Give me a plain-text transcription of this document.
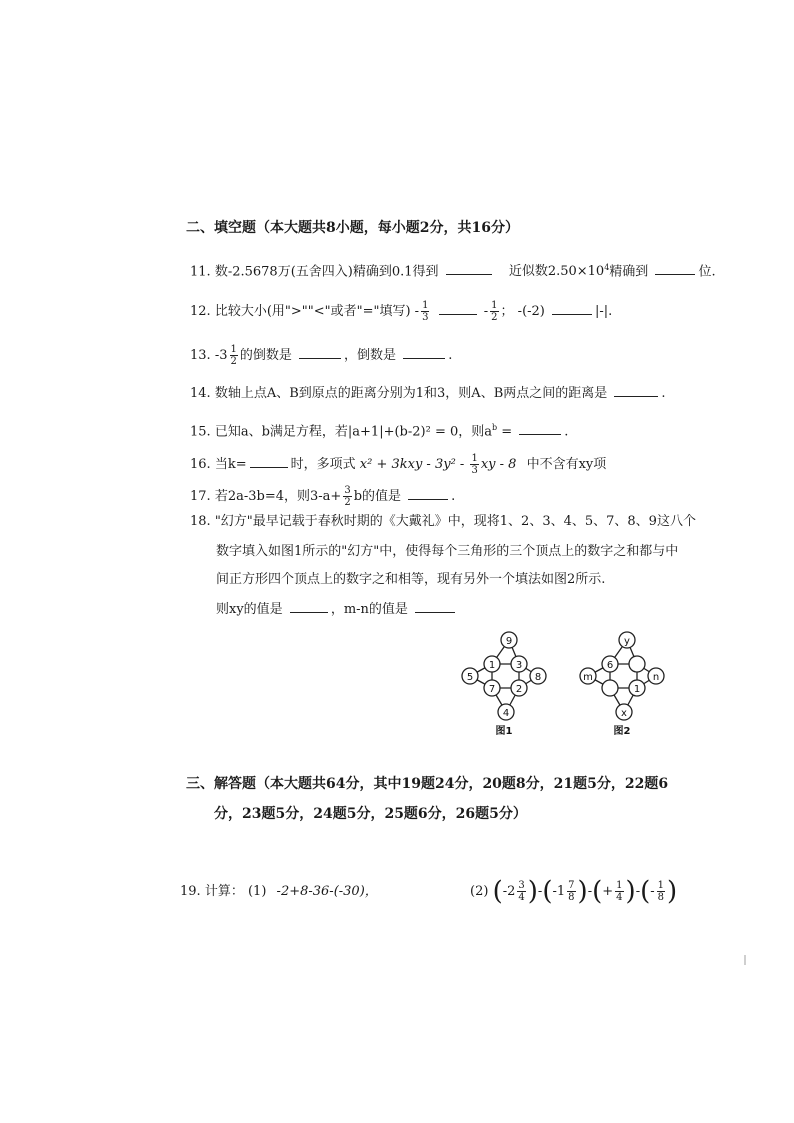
二、填空题（本大题共8小题，每小题2分，共16分）
11. 数-2.5678万(五舍四入)精确到0.1得到	近似数$2.50\times 10^4$精确到	位.
12. 比较大小(用">""<"或者"="填写) - $\frac{1}{3}$	- $\frac{1}{2}$ ； -(-2)	|-|.
13. $-3 \frac{1}{2}$ 的倒数是	，倒数是	.
14. 数轴上点A、B到原点的距离分别为1和3，则A、B两点之间的距离是	.
15. 已知a、b满足方程，若|a+1|+(b-2)² = 0，则$a^b$ =	.
16. 当k=	时，多项式 $x^2 + 3kxy - 3y^2 - \frac{1}{3}$ xy - 8 中不含有xy项
17. 若2a-3b=4，则$3-a+ \frac{3}{2}$ b的值是	.
18. "幻方"最早记载于春秋时期的《大戴礼》中，现将1、2、3、4、5、7、8、9这八个
数字填入如图1所示的"幻方"中，使得每个三角形的三个顶点上的数字之和都与中
间正方形四个顶点上的数字之和相等，现有另外一个填法如图2所示.
则xy的值是	，m-n的值是
9
5	8
1 3
7 2
4
图1
y
m	n
6
1
x
图2
三、解答题（本大题共64分，其中19题24分，20题8分，21题5分，22题6
分，23题5分，24题5分，25题6分，26题5分）
19. 计算： (1) -2+8-36-(-30)，	(2) $(-2 \frac{3}{4} )-(-1 \frac{7}{8}$ )-(+ $\frac{1}{4}$ )-(- $\frac{1}{8}$ )
